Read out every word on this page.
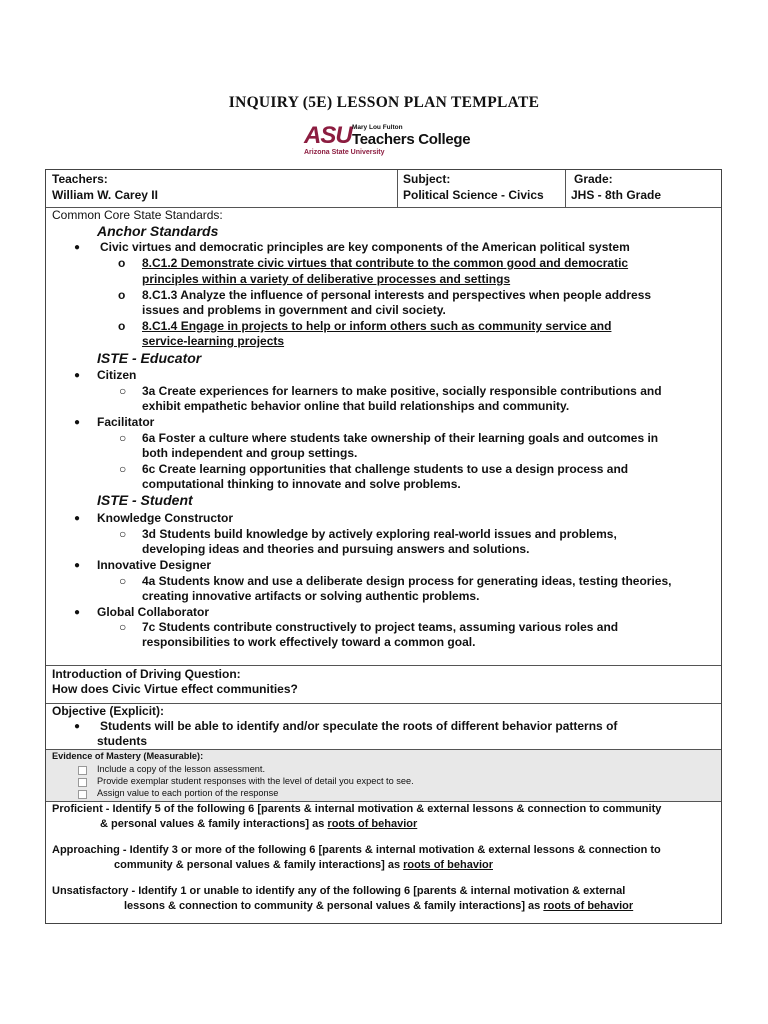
INQUIRY (5E) LESSON PLAN TEMPLATE
ASU Mary Lou Fulton
Teachers College
Arizona State University
Teachers:
William W. Carey II
Subject:
Political Science - Civics
Grade:
JHS - 8th Grade
Common Core State Standards:
Anchor Standards
● Civic virtues and democratic principles are key components of the American political system
o 8.C1.2 Demonstrate civic virtues that contribute to the common good and democratic
principles within a variety of deliberative processes and settings
o 8.C1.3 Analyze the influence of personal interests and perspectives when people address
issues and problems in government and civil society.
o 8.C1.4 Engage in projects to help or inform others such as community service and
service-learning projects
ISTE - Educator
● Citizen
○ 3a Create experiences for learners to make positive, socially responsible contributions and
exhibit empathetic behavior online that build relationships and community.
● Facilitator
○ 6a Foster a culture where students take ownership of their learning goals and outcomes in
both independent and group settings.
○ 6c Create learning opportunities that challenge students to use a design process and
computational thinking to innovate and solve problems.
ISTE - Student
● Knowledge Constructor
○ 3d Students build knowledge by actively exploring real-world issues and problems,
developing ideas and theories and pursuing answers and solutions.
● Innovative Designer
○ 4a Students know and use a deliberate design process for generating ideas, testing theories,
creating innovative artifacts or solving authentic problems.
● Global Collaborator
○ 7c Students contribute constructively to project teams, assuming various roles and
responsibilities to work effectively toward a common goal.
Introduction of Driving Question:
How does Civic Virtue effect communities?
Objective (Explicit):
● Students will be able to identify and/or speculate the roots of different behavior patterns of
students
Evidence of Mastery (Measurable):
Include a copy of the lesson assessment.
Provide exemplar student responses with the level of detail you expect to see.
Assign value to each portion of the response
Proficient - Identify 5 of the following 6 [parents & internal motivation & external lessons & connection to community
& personal values & family interactions] as roots of behavior
Approaching - Identify 3 or more of the following 6 [parents & internal motivation & external lessons & connection to
community & personal values & family interactions] as roots of behavior
Unsatisfactory - Identify 1 or unable to identify any of the following 6 [parents & internal motivation & external
lessons & connection to community & personal values & family interactions] as roots of behavior
